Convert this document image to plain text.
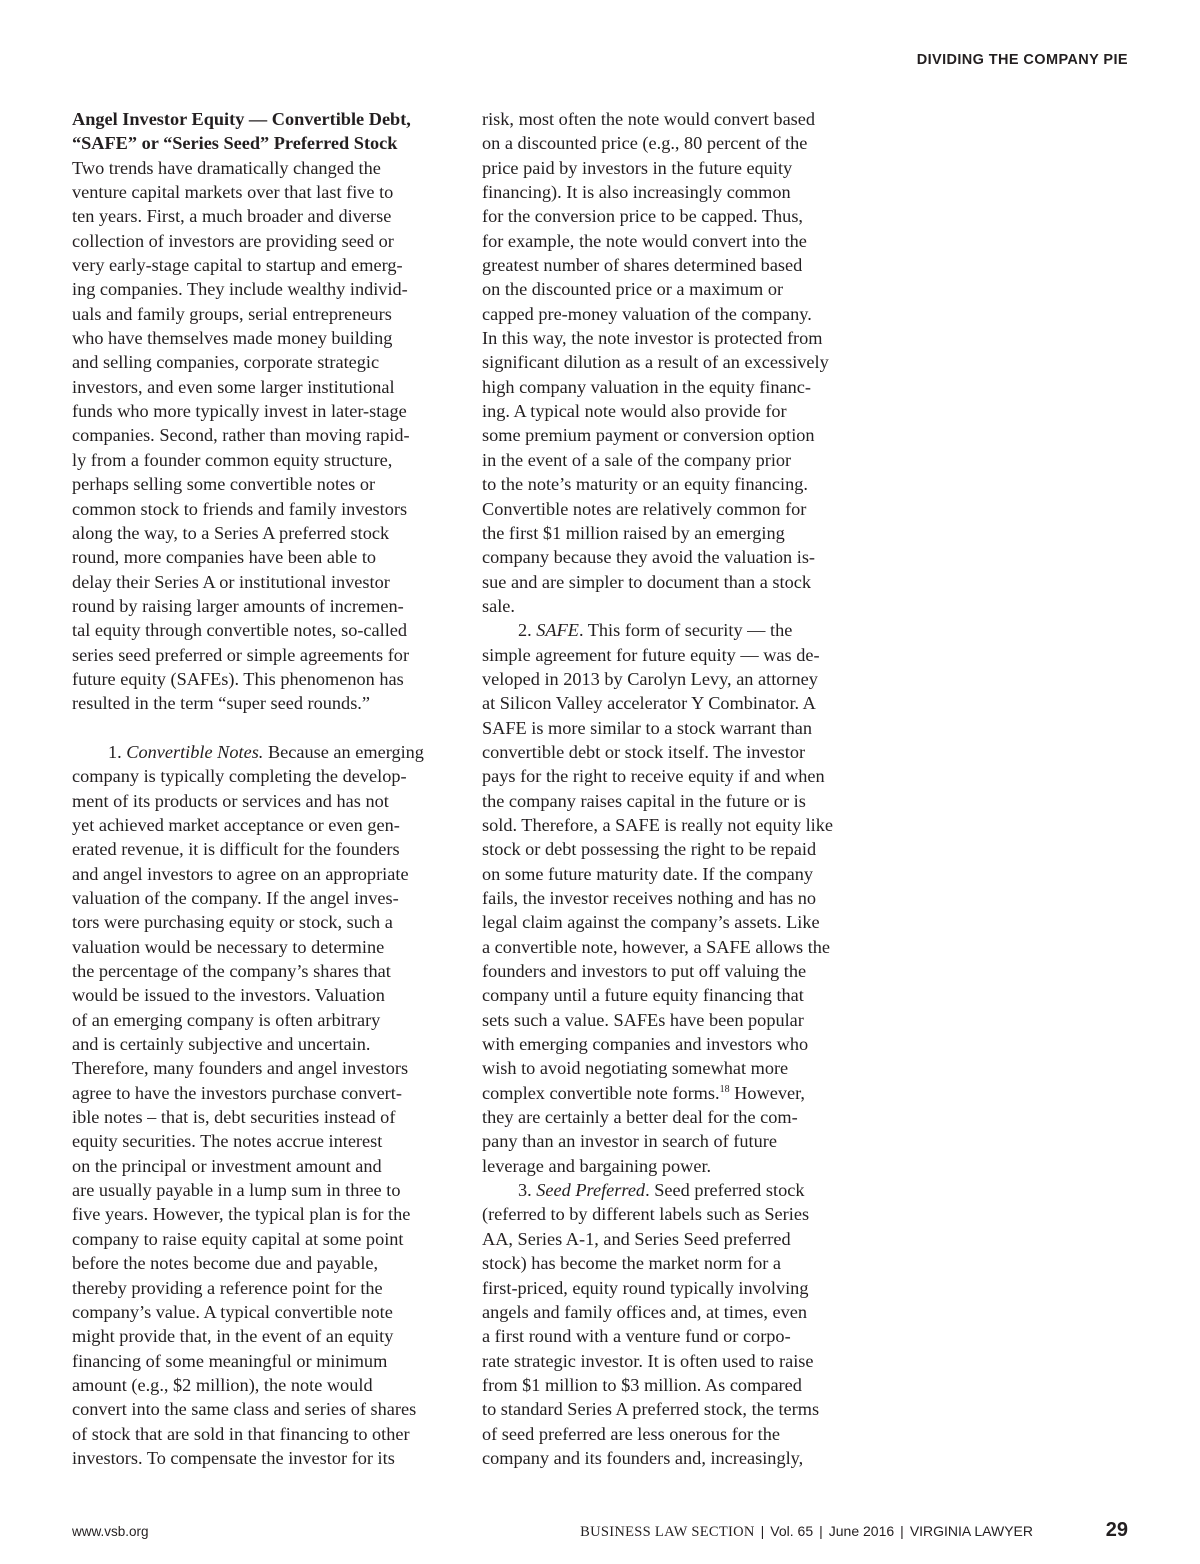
DIVIDING THE COMPANY PIE
Angel Investor Equity — Convertible Debt,
“SAFE” or “Series Seed” Preferred Stock
Two trends have dramatically changed the
venture capital markets over that last five to
ten years. First, a much broader and diverse
collection of investors are providing seed or
very early-stage capital to startup and emerg-
ing companies. They include wealthy individ-
uals and family groups, serial entrepreneurs
who have themselves made money building
and selling companies, corporate strategic
investors, and even some larger institutional
funds who more typically invest in later-stage
companies. Second, rather than moving rapid-
ly from a founder common equity structure,
perhaps selling some convertible notes or
common stock to friends and family investors
along the way, to a Series A preferred stock
round, more companies have been able to
delay their Series A or institutional investor
round by raising larger amounts of incremen-
tal equity through convertible notes, so-called
series seed preferred or simple agreements for
future equity (SAFEs). This phenomenon has
resulted in the term “super seed rounds.”
1. Convertible Notes. Because an emerging
company is typically completing the develop-
ment of its products or services and has not
yet achieved market acceptance or even gen-
erated revenue, it is difficult for the founders
and angel investors to agree on an appropriate
valuation of the company. If the angel inves-
tors were purchasing equity or stock, such a
valuation would be necessary to determine
the percentage of the company’s shares that
would be issued to the investors. Valuation
of an emerging company is often arbitrary
and is certainly subjective and uncertain.
Therefore, many founders and angel investors
agree to have the investors purchase convert-
ible notes – that is, debt securities instead of
equity securities. The notes accrue interest
on the principal or investment amount and
are usually payable in a lump sum in three to
five years. However, the typical plan is for the
company to raise equity capital at some point
before the notes become due and payable,
thereby providing a reference point for the
company’s value. A typical convertible note
might provide that, in the event of an equity
financing of some meaningful or minimum
amount (e.g., $2 million), the note would
convert into the same class and series of shares
of stock that are sold in that financing to other
investors. To compensate the investor for its
risk, most often the note would convert based
on a discounted price (e.g., 80 percent of the
price paid by investors in the future equity
financing). It is also increasingly common
for the conversion price to be capped. Thus,
for example, the note would convert into the
greatest number of shares determined based
on the discounted price or a maximum or
capped pre-money valuation of the company.
In this way, the note investor is protected from
significant dilution as a result of an excessively
high company valuation in the equity financ-
ing. A typical note would also provide for
some premium payment or conversion option
in the event of a sale of the company prior
to the note’s maturity or an equity financing.
Convertible notes are relatively common for
the first $1 million raised by an emerging
company because they avoid the valuation is-
sue and are simpler to document than a stock
sale.
2. SAFE. This form of security — the
simple agreement for future equity — was de-
veloped in 2013 by Carolyn Levy, an attorney
at Silicon Valley accelerator Y Combinator. A
SAFE is more similar to a stock warrant than
convertible debt or stock itself. The investor
pays for the right to receive equity if and when
the company raises capital in the future or is
sold. Therefore, a SAFE is really not equity like
stock or debt possessing the right to be repaid
on some future maturity date. If the company
fails, the investor receives nothing and has no
legal claim against the company’s assets. Like
a convertible note, however, a SAFE allows the
founders and investors to put off valuing the
company until a future equity financing that
sets such a value. SAFEs have been popular
with emerging companies and investors who
wish to avoid negotiating somewhat more
complex convertible note forms.$^{18}$ However,
they are certainly a better deal for the com-
pany than an investor in search of future
leverage and bargaining power.
3. Seed Preferred. Seed preferred stock
(referred to by different labels such as Series
AA, Series A-1, and Series Seed preferred
stock) has become the market norm for a
first-priced, equity round typically involving
angels and family offices and, at times, even
a first round with a venture fund or corpo-
rate strategic investor. It is often used to raise
from $1 million to $3 million. As compared
to standard Series A preferred stock, the terms
of seed preferred are less onerous for the
company and its founders and, increasingly,
www.vsb.org	BUSINESS LAW SECTION | Vol. 65 | June 2016 | VIRGINIA LAWYER	29
